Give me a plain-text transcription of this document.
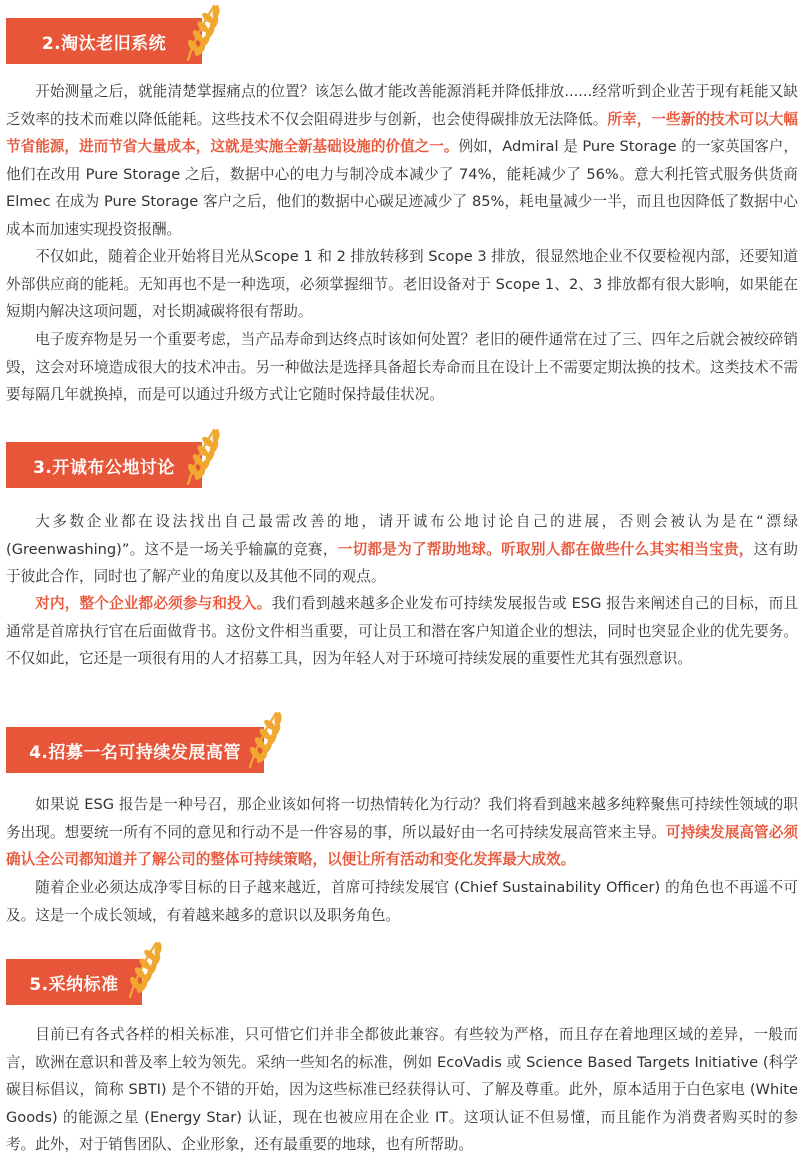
2.淘汰老旧系统

开始测量之后，就能清楚掌握痛点的位置？该怎么做才能改善能源消耗并降低排放......经常听到企业苦于现有耗能又缺乏效率的技术而难以降低能耗。这些技术不仅会阻碍进步与创新，也会使得碳排放无法降低。所幸，一些新的技术可以大幅节省能源，进而节省大量成本，这就是实施全新基础设施的价值之一。例如，Admiral 是 Pure Storage 的一家英国客户，他们在改用 Pure Storage 之后，数据中心的电力与制冷成本减少了 74%，能耗减少了 56%。意大利托管式服务供货商 Elmec 在成为 Pure Storage 客户之后，他们的数据中心碳足迹减少了 85%，耗电量减少一半，而且也因降低了数据中心成本而加速实现投资报酬。

不仅如此，随着企业开始将目光从Scope 1 和 2 排放转移到 Scope 3 排放，很显然地企业不仅要检视内部，还要知道外部供应商的能耗。无知再也不是一种选项，必须掌握细节。老旧设备对于 Scope 1、2、3 排放都有很大影响，如果能在短期内解决这项问题，对长期减碳将很有帮助。

电子废弃物是另一个重要考虑，当产品寿命到达终点时该如何处置？老旧的硬件通常在过了三、四年之后就会被绞碎销毁，这会对环境造成很大的技术冲击。另一种做法是选择具备超长寿命而且在设计上不需要定期汰换的技术。这类技术不需要每隔几年就换掉，而是可以通过升级方式让它随时保持最佳状况。

3.开诚布公地讨论

大多数企业都在设法找出自己最需改善的地，请开诚布公地讨论自己的进展，否则会被认为是在“漂绿 (Greenwashing)”。这不是一场关乎输赢的竞赛，一切都是为了帮助地球。听取别人都在做些什么其实相当宝贵，这有助于彼此合作，同时也了解产业的角度以及其他不同的观点。

对内，整个企业都必须参与和投入。我们看到越来越多企业发布可持续发展报告或 ESG 报告来阐述自己的目标，而且通常是首席执行官在后面做背书。这份文件相当重要，可让员工和潜在客户知道企业的想法，同时也突显企业的优先要务。不仅如此，它还是一项很有用的人才招募工具，因为年轻人对于环境可持续发展的重要性尤其有强烈意识。

4.招募一名可持续发展高管

如果说 ESG 报告是一种号召，那企业该如何将一切热情转化为行动？我们将看到越来越多纯粹聚焦可持续性领域的职务出现。想要统一所有不同的意见和行动不是一件容易的事，所以最好由一名可持续发展高管来主导。可持续发展高管必须确认全公司都知道并了解公司的整体可持续策略，以便让所有活动和变化发挥最大成效。

随着企业必须达成净零目标的日子越来越近，首席可持续发展官 (Chief Sustainability Officer) 的角色也不再遥不可及。这是一个成长领域，有着越来越多的意识以及职务角色。

5.采纳标准

目前已有各式各样的相关标准，只可惜它们并非全都彼此兼容。有些较为严格，而且存在着地理区域的差异，一般而言，欧洲在意识和普及率上较为领先。采纳一些知名的标准，例如 EcoVadis 或 Science Based Targets Initiative (科学碳目标倡议，简称 SBTI) 是个不错的开始，因为这些标准已经获得认可、了解及尊重。此外，原本适用于白色家电 (White Goods) 的能源之星 (Energy Star) 认证，现在也被应用在企业 IT。这项认证不但易懂，而且能作为消费者购买时的参考。此外，对于销售团队、企业形象，还有最重要的地球，也有所帮助。
